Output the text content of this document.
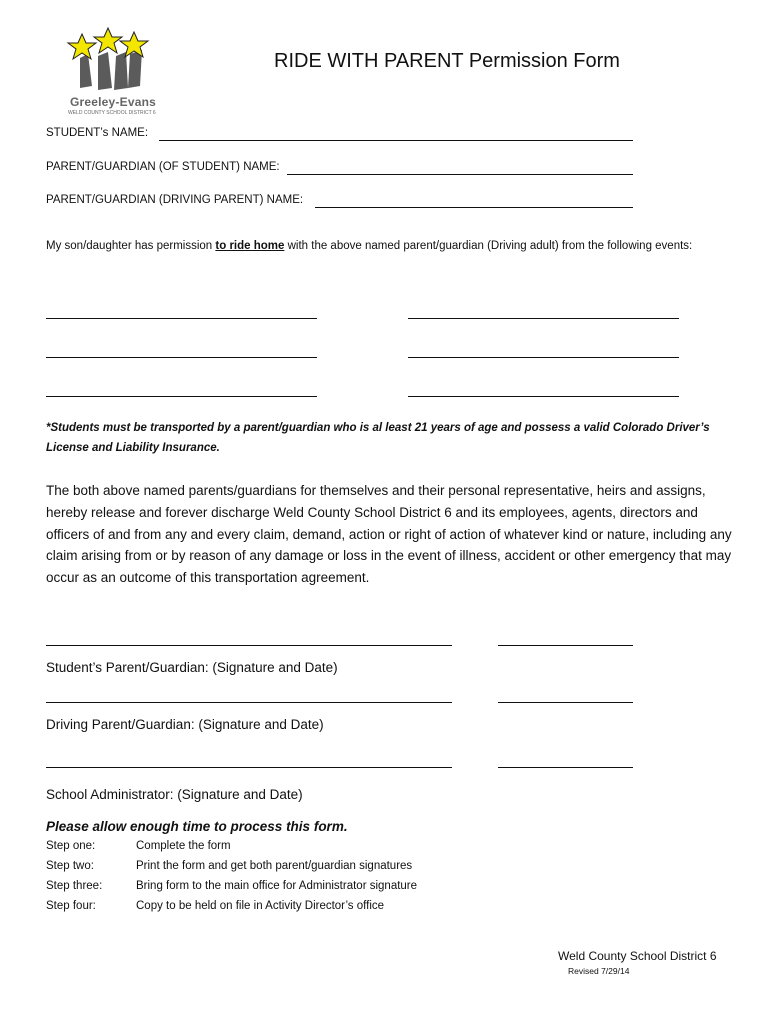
Greeley-Evans
WELD COUNTY SCHOOL DISTRICT 6
RIDE WITH PARENT Permission Form
STUDENT’s NAME:
PARENT/GUARDIAN (OF STUDENT) NAME:
PARENT/GUARDIAN (DRIVING PARENT) NAME:
My son/daughter has permission to ride home with the above named parent/guardian (Driving adult) from the following events:
*Students must be transported by a parent/guardian who is al least 21 years of age and possess a valid Colorado Driver’s License and Liability Insurance.
The both above named parents/guardians for themselves and their personal representative, heirs and assigns, hereby release and forever discharge Weld County School District 6 and its employees, agents, directors and officers of and from any and every claim, demand, action or right of action of whatever kind or nature, including any claim arising from or by reason of any damage or loss in the event of illness, accident or other emergency that may occur as an outcome of this transportation agreement.
Student’s Parent/Guardian: (Signature and Date)
Driving Parent/Guardian: (Signature and Date)
School Administrator: (Signature and Date)
Please allow enough time to process this form.
Step one:	Complete the form
Step two:	Print the form and get both parent/guardian signatures
Step three:	Bring form to the main office for Administrator signature
Step four:	Copy to be held on file in Activity Director’s office
Weld County School District 6
Revised 7/29/14
